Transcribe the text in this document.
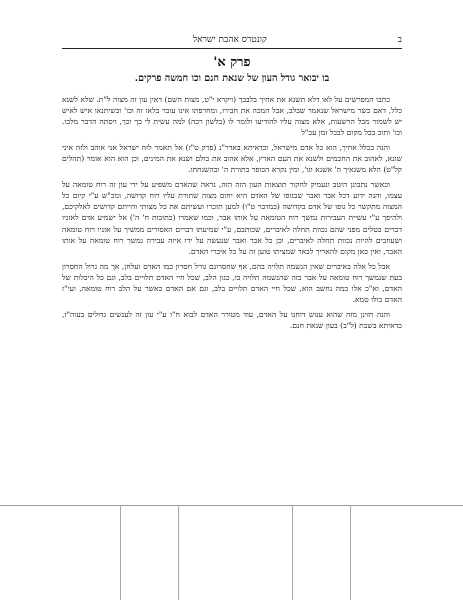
ב
קונטרס אהבת ישראל
פרק א'
בו יבואר גודל העון של שנאת חנם וכו חמשה פרקים.

כתבו המפרשים על לאו דלא תשנא את אחיך בלבבך (ויקרא י"ט, מצות השם) דאין עון זה מצוה ל"ת. שלא לשנא כלל, דאם כשר מישראל שנאמר שבלב, אבל המכה את חבירו, ומחרפתו אינו עובר בלאו זה וכו' וכשיתנאו איש לאיש יש לשמור מבל הרשעות, אלא מצוה עליו להודיעו ולומר לו (בלשון רכה) למה עשית לי כך וכך, ויסתה הדבר מלבו. וכו' ותוכ בכל מקום לבכל זמן עכ"ל

והנה בכלל אחיך, הוא כל אדם מישראל, וכדאיתא באדר"נ (פרק ט"ז) אל תאמר לזה ישראל אני אוהב ולזה איני שונא, לאהוב את החכמים ולשנא את העם הארץ, אלא אהוב את כולם ושנא את המינים, וכן הוא הוא אומר (תהלים קל"ט) הלא משנאיך ה' אשנא וגו', ומין נקרא הכופר בתורת ה' ובהשגחתו.

וכאשר נתבונן היטב ונעמיק לחקור תוצאות העון הזה הזה, נראה שהאדם משפיע על ידי עון זה רוח טומאה על עצמו, והנה ידוע דכל אבר ואבר שבגופו של האדם היא יחוס מצוה שתורת עליו רוח קדושה, ומכ"ש ע"י קיום כל המצוה מתקשר כל גופו של אדם בקדושה (במדבר ט"ו) למען תזכרו ועשיתם את כל מצותי והייתם קדושים לאלקיכם, ולהיפך ע"י עשיית העבירות נמשך רוח הטומאה על אותו אבר, וכמו שאמרו (כתובות ח' ה') אל ישמיע אדם לאזניו דברים בטלים מפני שהם נכוות תחלה לאיברים, שכותבם, ע"י שמיעתו דברים האסורים ממשיך על אזניו רוח טומאה ושעוזבים להיות נכוות תחלה לאיברים, וכן כל אבר ואבר שנעשה על ידו איזה עבירה נמשך רוח טומאה על אותו האבר, ואין כאן מקום להאריך לבאר שמציתו טוען זה על כל איברי האדם.

אבל כל אלה באיברים שאין הנשמה תלויה בהם, אף שחסרונם גורל חסרון כמו האדם ועלחן, אך מה גרול החסרון בעת שנמשך רוח טומאה על אבר כזה שהנשמה תלויה בו, כגון הלב, שכל חיי האדם תלויים בלב, וגם כל היכלות של האדם, וא"כ אלו כמה נחשב הוא, שכל חיי האדם תלויים בלב, וגם אם האדם כאשר על הלב רוח טומאה, ועי"ז האדם כולו טמא.

והנה חזינן מזה שהוא ענוש דוחנו על האדם, עוד מטורר האדם לבוא ח"ו ע"י עון זה לענשים גדולים בעוה"ז, כדאיתא בשבת (ל"ב) בעון שנאת חנם.
